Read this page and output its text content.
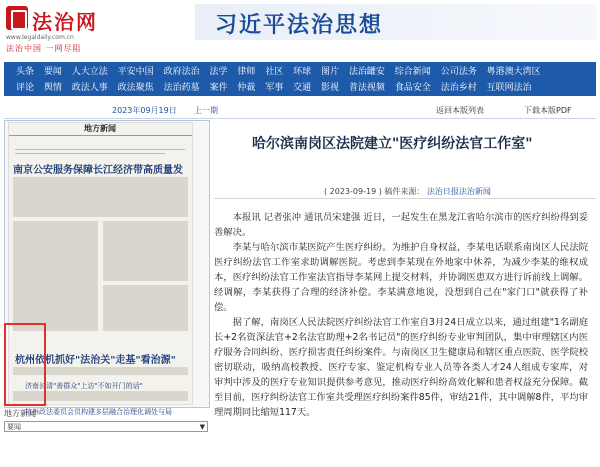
法治网
www.legaldaily.com.cn
法治中国 一网尽阻
习近平法治思想
头条 要闻 人大立法 平安中国 政府法治 法学 律师 社区 环球 图片 法治罐安 综合新闻 公司法务 粤港澳大湾区
评论 舆情 政法人事 政法聚焦 法治药墓 案件 仲裁 军事 交通 影视 普法视频 食品安全 法治乡村 互联网法治
2023年09月19日 上一期	返回本版列表	下载本版PDF
地方新闻
南京公安服务保障长江经济带高质量发
杭州依机抓好"法治关"走基"看治源"
济南长清"善群众"上访"不如开门的话"
杭州政法委员会员构建多层融合治理化调处与局
地方新闻
要闻	▼
哈尔滨南岗区法院建立"医疗纠纷法官工作室"
( 2023-09-19 ) 稿件来源： 法治日报法治新闻

本报讯 记者张冲 通讯员宋建强 近日，一起发生在黑龙江省哈尔滨市的医疗纠纷得到妥善解决。

李某与哈尔滨市某医院产生医疗纠纷。为维护自身权益，李某电话联系南岗区人民法院医疗纠纷法官工作室求助调解医院。考虑到李某现在外地家中休养，为减少李某的维权成本，医疗纠纷法官工作室法官指导李某网上提交材料，并协调医患双方进行诉前线上调解。经调解，李某获得了合理的经济补偿。李某满意地说，没想到自己在"家门口"就获得了补偿。

据了解，南岗区人民法院医疗纠纷法官工作室自3月24日成立以来，通过组建"1名副庭长+2名资深法官+2名法官助理+2名书记员"的医疗纠纷专业审判团队，集中审理辖区内医疗服务合同纠纷、医疗损害责任纠纷案件。与南岗区卫生健康局和辖区重点医院、医学院校密切联动，吸纳高校教授、医疗专家、鉴定机构专业人员等各类人才24人组成专家库，对审判中涉及的医疗专业知识提供参考意见，推动医疗纠纷高效化解和患者权益充分保障。截至目前，医疗纠纷法官工作室共受理医疗纠纷案件85件，审结21件，其中调解8件，平均审理周期同比缩短117天。
